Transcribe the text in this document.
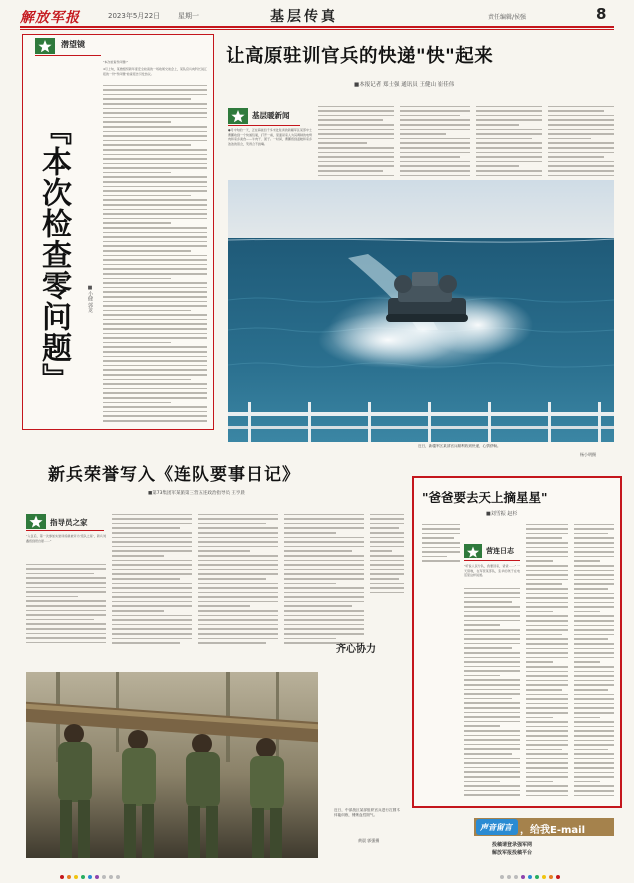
解放军报	2023年5月22日	星期一	基层传真	责任编辑/侯强	8
潜望镜
『本次检查零问题』	■小健 郭龙
"本次检查零问题!"
4月上旬，某旅组织新年度安全检查的一场收尾交谈会上，某队官兵向科长说汇报的一份"零问题"检查报告引发热议。
让高原驻训官兵的快递"快"起来
■本报记者 郑士强 通讯员 王健山 崔佳伟
基层暖新闻
●月中旬的一天，正在海拔四千多米处驻训的新疆军区某部中士曹鹏收到一个快递包裹，打开一看，里面是家人为其调制的电烤肉和家乡美食——牛肉干、团子。一时间，曹鹏感到温暖和家乡浓浓的思念，笑得合不拢嘴。
近日，新疆军区某部官兵顺利收到快递，心情舒畅。
杨小明摄
新兵荣誉写入《连队要事日记》
■第73集团军某旅第三营五连政治指导员 王亨晨
指导员之家
"入伍后，第一次参加实装训练就被评为'连队之星'，新兵刘鑫感到很自豪……"
齐心协力
近日，中部战区某部组织官兵进行扛圆木体能训练，锤炼血性胆气。
黄晨 郭强摄
"爸爸要去天上摘星星"
■刘雪振 赵杉
营连日志
"听说人民分队，我要回家，爸爸……" 一天傍晚，在军营某部队，张华的孩子在电话里这样说道。
声音留言 ，给我E-mail
投稿请登录强军网
解放军报投稿平台
